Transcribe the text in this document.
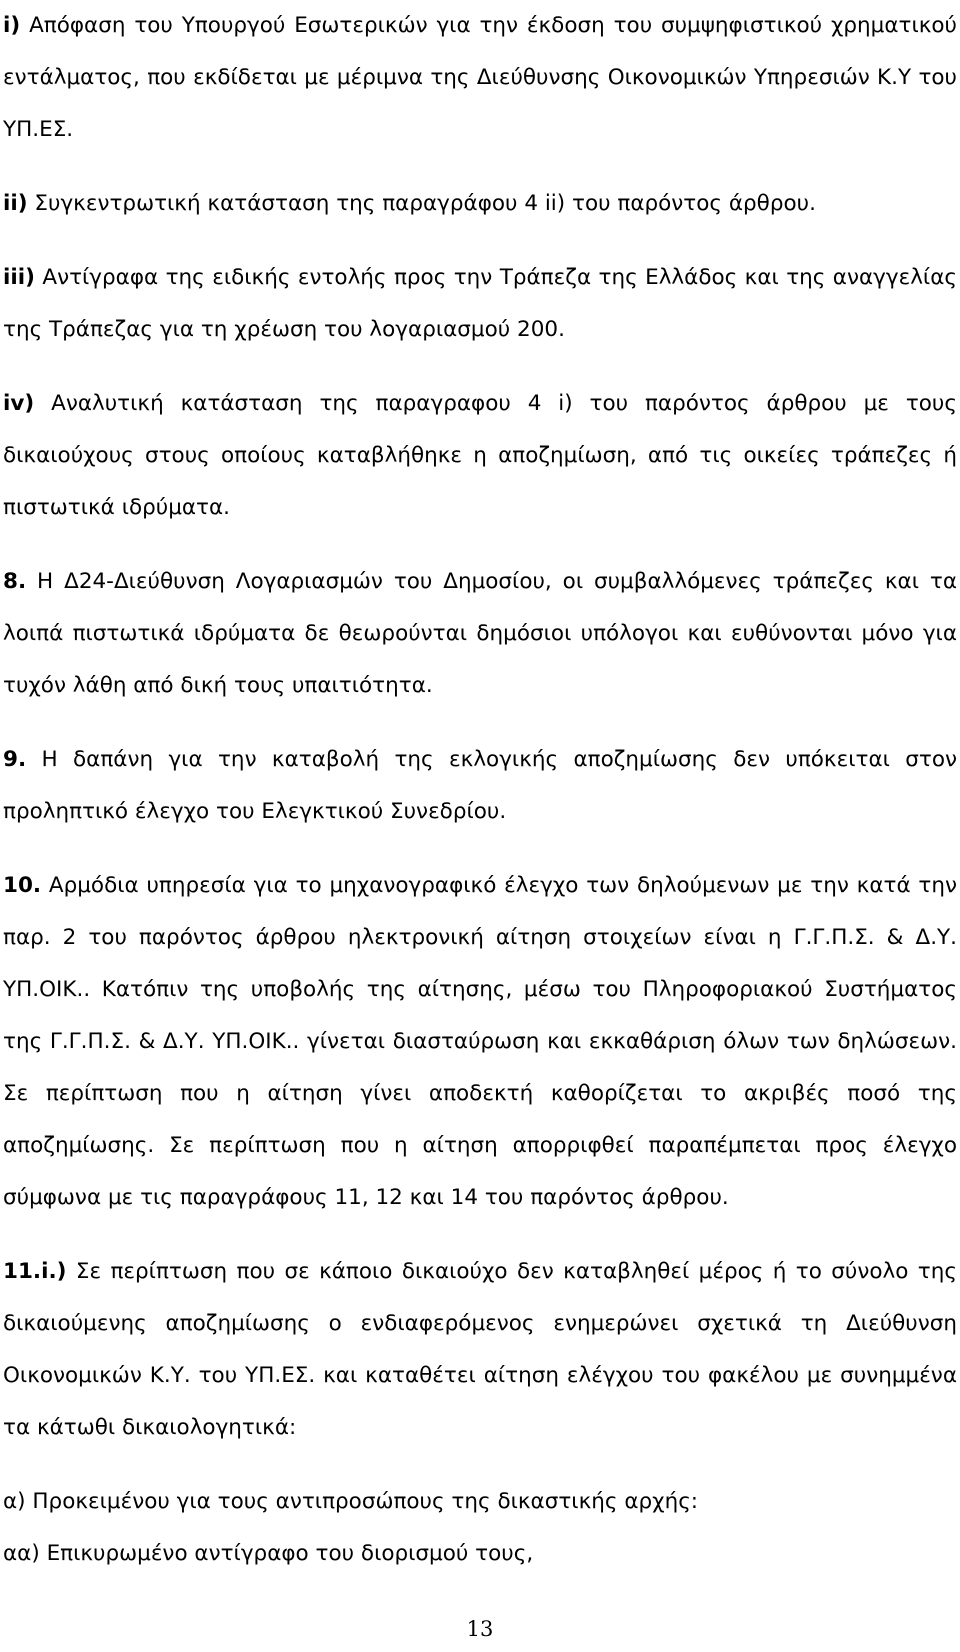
i) Απόφαση του Υπουργού Εσωτερικών για την έκδοση του συμψηφιστικού χρηματικού εντάλματος, που εκδίδεται με μέριμνα της Διεύθυνσης Οικονομικών Υπηρεσιών Κ.Υ του ΥΠ.ΕΣ.

ii) Συγκεντρωτική κατάσταση της παραγράφου 4 ii) του παρόντος άρθρου.

iii) Αντίγραφα της ειδικής εντολής προς την Τράπεζα της Ελλάδος και της αναγγελίας της Τράπεζας για τη χρέωση του λογαριασμού 200.

iv) Αναλυτική κατάσταση της παραγραφου 4 i) του παρόντος άρθρου με τους δικαιούχους στους οποίους καταβλήθηκε η αποζημίωση, από τις οικείες τράπεζες ή πιστωτικά ιδρύματα.

8. Η Δ24-Διεύθυνση Λογαριασμών του Δημοσίου, οι συμβαλλόμενες τράπεζες και τα λοιπά πιστωτικά ιδρύματα δε θεωρούνται δημόσιοι υπόλογοι και ευθύνονται μόνο για τυχόν λάθη από δική τους υπαιτιότητα.

9. Η δαπάνη για την καταβολή της εκλογικής αποζημίωσης δεν υπόκειται στον προληπτικό έλεγχο του Ελεγκτικού Συνεδρίου.

10. Αρμόδια υπηρεσία για το μηχανογραφικό έλεγχο των δηλούμενων με την κατά την παρ. 2 του παρόντος άρθρου ηλεκτρονική αίτηση στοιχείων είναι η Γ.Γ.Π.Σ. & Δ.Υ. ΥΠ.ΟΙΚ.. Κατόπιν της υποβολής της αίτησης, μέσω του Πληροφοριακού Συστήματος της Γ.Γ.Π.Σ. & Δ.Υ. ΥΠ.ΟΙΚ.. γίνεται διασταύρωση και εκκαθάριση όλων των δηλώσεων. Σε περίπτωση που η αίτηση γίνει αποδεκτή καθορίζεται το ακριβές ποσό της αποζημίωσης. Σε περίπτωση που η αίτηση απορριφθεί παραπέμπεται προς έλεγχο σύμφωνα με τις παραγράφους 11, 12 και 14 του παρόντος άρθρου.

11.i.) Σε περίπτωση που σε κάποιο δικαιούχο δεν καταβληθεί μέρος ή το σύνολο της δικαιούμενης αποζημίωσης ο ενδιαφερόμενος ενημερώνει σχετικά τη Διεύθυνση Οικονομικών Κ.Υ. του ΥΠ.ΕΣ. και καταθέτει αίτηση ελέγχου του φακέλου με συνημμένα τα κάτωθι δικαιολογητικά:

α) Προκειμένου για τους αντιπροσώπους της δικαστικής αρχής:
αα) Επικυρωμένο αντίγραφο του διορισμού τους,
13
